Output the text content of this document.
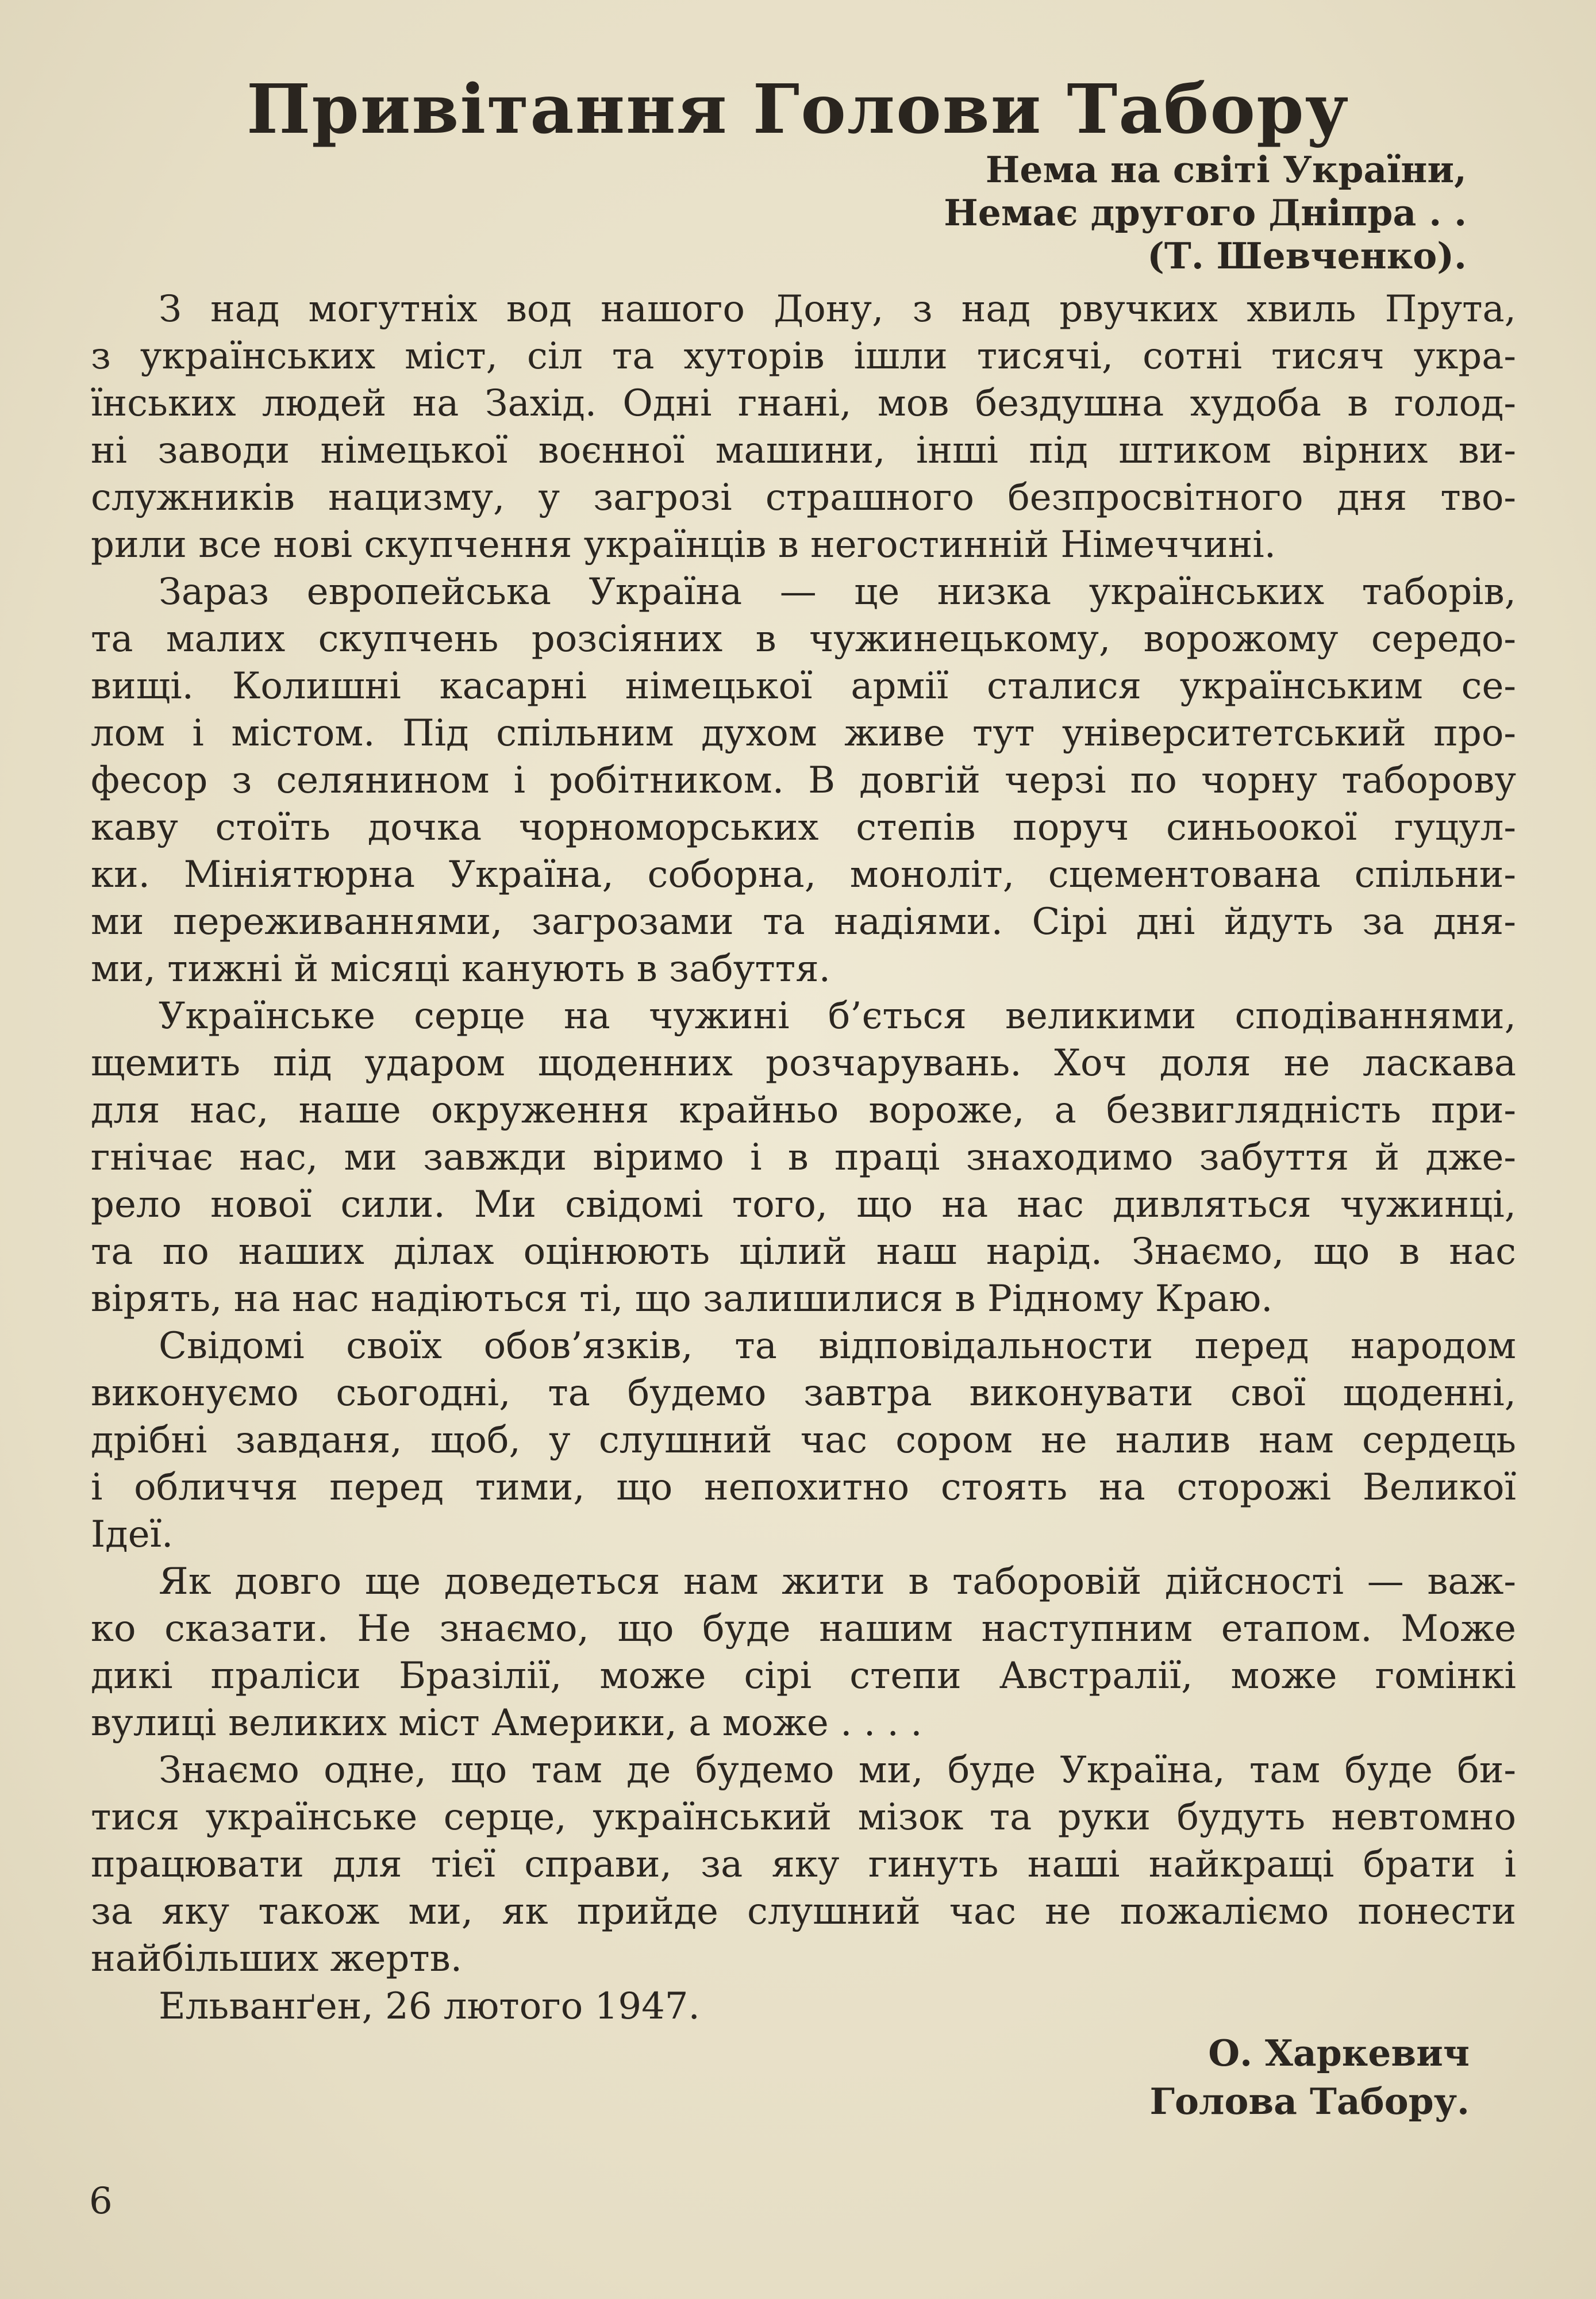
Привітання Голови Табору
Нема на світі України,
Немає другого Дніпра . .
(Т. Шевченко).
З над могутніх вод нашого Дону, з над рвучких хвиль Прута,
з українських міст, сіл та хуторів ішли тисячі, сотні тисяч укра-
їнських людей на Захід. Одні гнані, мов бездушна худоба в голод-
ні заводи німецької воєнної машини, інші під штиком вірних ви-
служників нацизму, у загрозі страшного безпросвітного дня тво-
рили все нові скупчення українців в негостинній Німеччині.
Зараз европейська Україна — це низка українських таборів,
та малих скупчень розсіяних в чужинецькому, ворожому середо-
вищі. Колишні касарні німецької армії сталися українським се-
лом і містом. Під спільним духом живе тут університетський про-
фесор з селянином і робітником. В довгій черзі по чорну таборову
каву стоїть дочка чорноморських степів поруч синьоокої гуцул-
ки. Мініятюрна Україна, соборна, моноліт, сцементована спільни-
ми переживаннями, загрозами та надіями. Сірі дні йдуть за дня-
ми, тижні й місяці канують в забуття.
Українське серце на чужині б’ється великими сподіваннями,
щемить під ударом щоденних розчарувань. Хоч доля не ласкава
для нас, наше окруження крайньо вороже, а безвиглядність при-
гнічає нас, ми завжди віримо і в праці знаходимо забуття й дже-
рело нової сили. Ми свідомі того, що на нас дивляться чужинці,
та по наших ділах оцінюють цілий наш нарід. Знаємо, що в нас
вірять, на нас надіються ті, що залишилися в Рідному Краю.
Свідомі своїх обов’язків, та відповідальности перед народом
виконуємо сьогодні, та будемо завтра виконувати свої щоденні,
дрібні завданя, щоб, у слушний час сором не налив нам сердець
і обличчя перед тими, що непохитно стоять на сторожі Великої
Ідеї.
Як довго ще доведеться нам жити в таборовій дійсності — важ-
ко сказати. Не знаємо, що буде нашим наступним етапом. Може
дикі праліси Бразілії, може сірі степи Австралії, може гомінкі
вулиці великих міст Америки, а може . . . .
Знаємо одне, що там де будемо ми, буде Україна, там буде би-
тися українське серце, український мізок та руки будуть невтомно
працювати для тієї справи, за яку гинуть наші найкращі брати і
за яку також ми, як прийде слушний час не пожаліємо понести
найбільших жертв.
Ельванґен, 26 лютого 1947.
О. Харкевич
Голова Табору.
6
